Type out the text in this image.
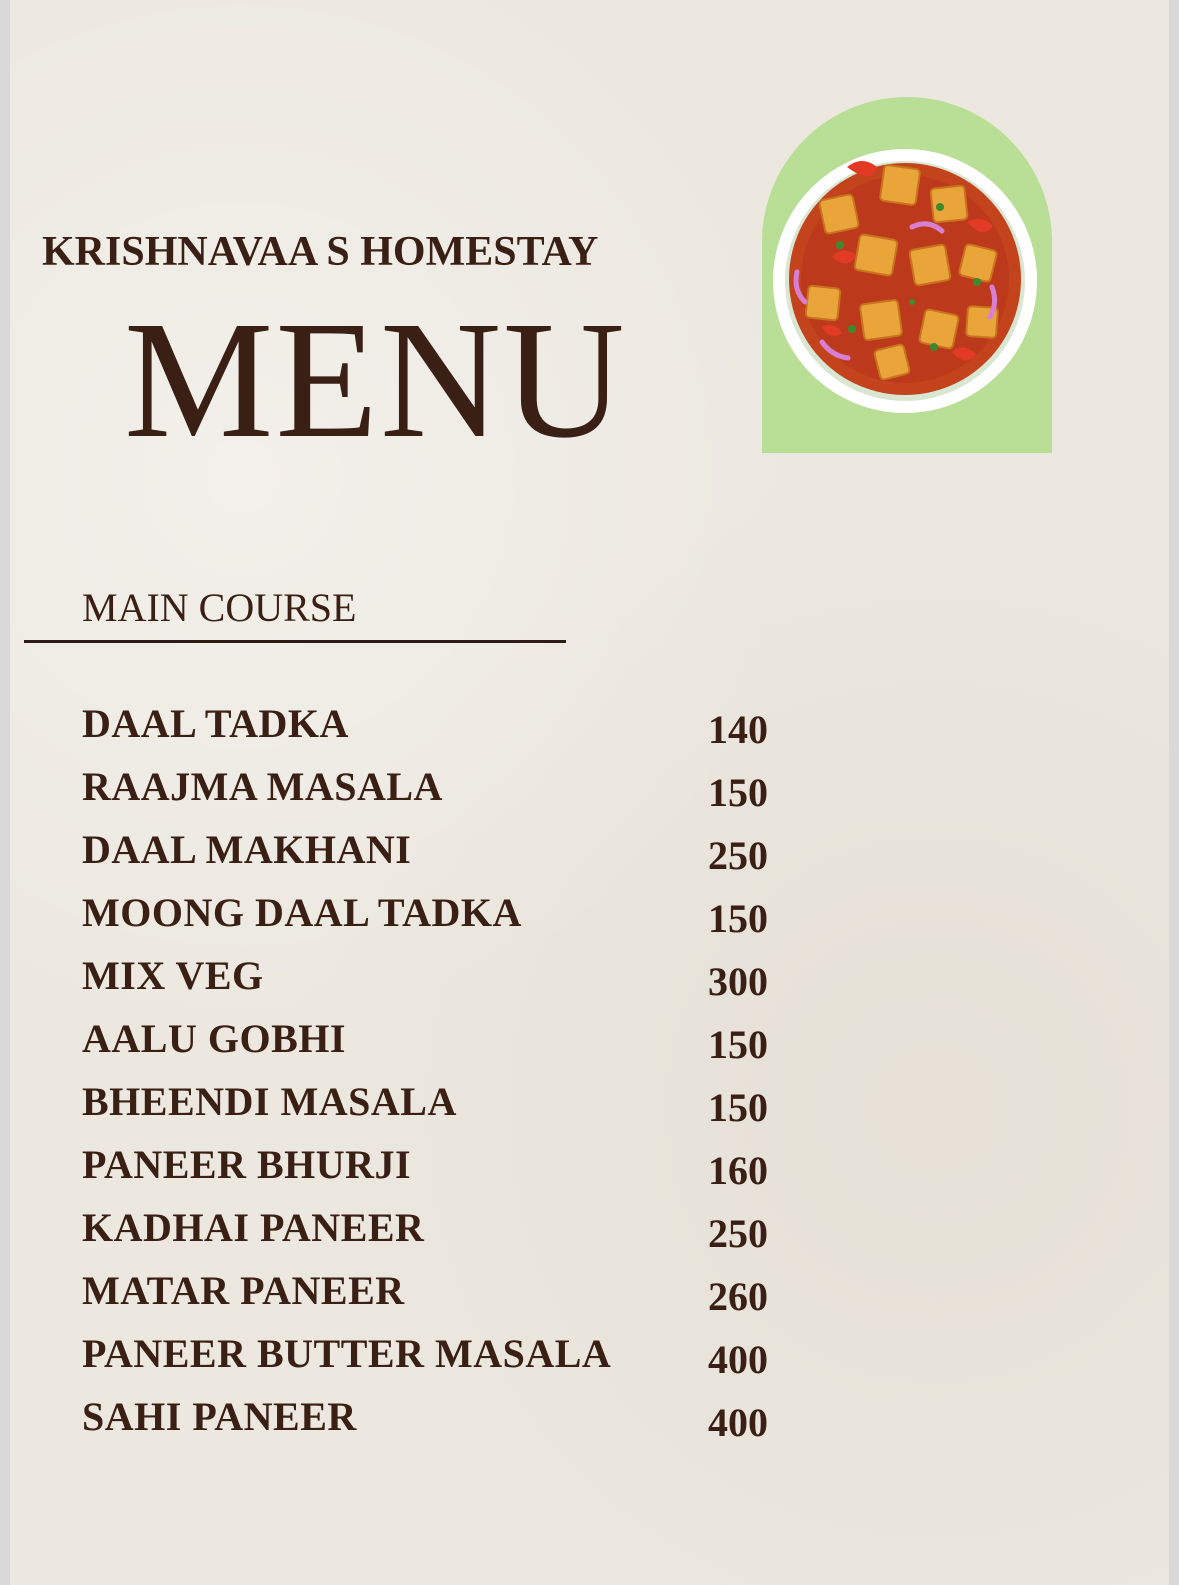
KRISHNAVAA S HOMESTAY
MENU
MAIN COURSE
DAAL TADKA	140
RAAJMA MASALA	150
DAAL MAKHANI	250
MOONG DAAL TADKA	150
MIX VEG	300
AALU GOBHI	150
BHEENDI MASALA	150
PANEER BHURJI	160
KADHAI PANEER	250
MATAR PANEER	260
PANEER BUTTER MASALA 400
SAHI PANEER	400
